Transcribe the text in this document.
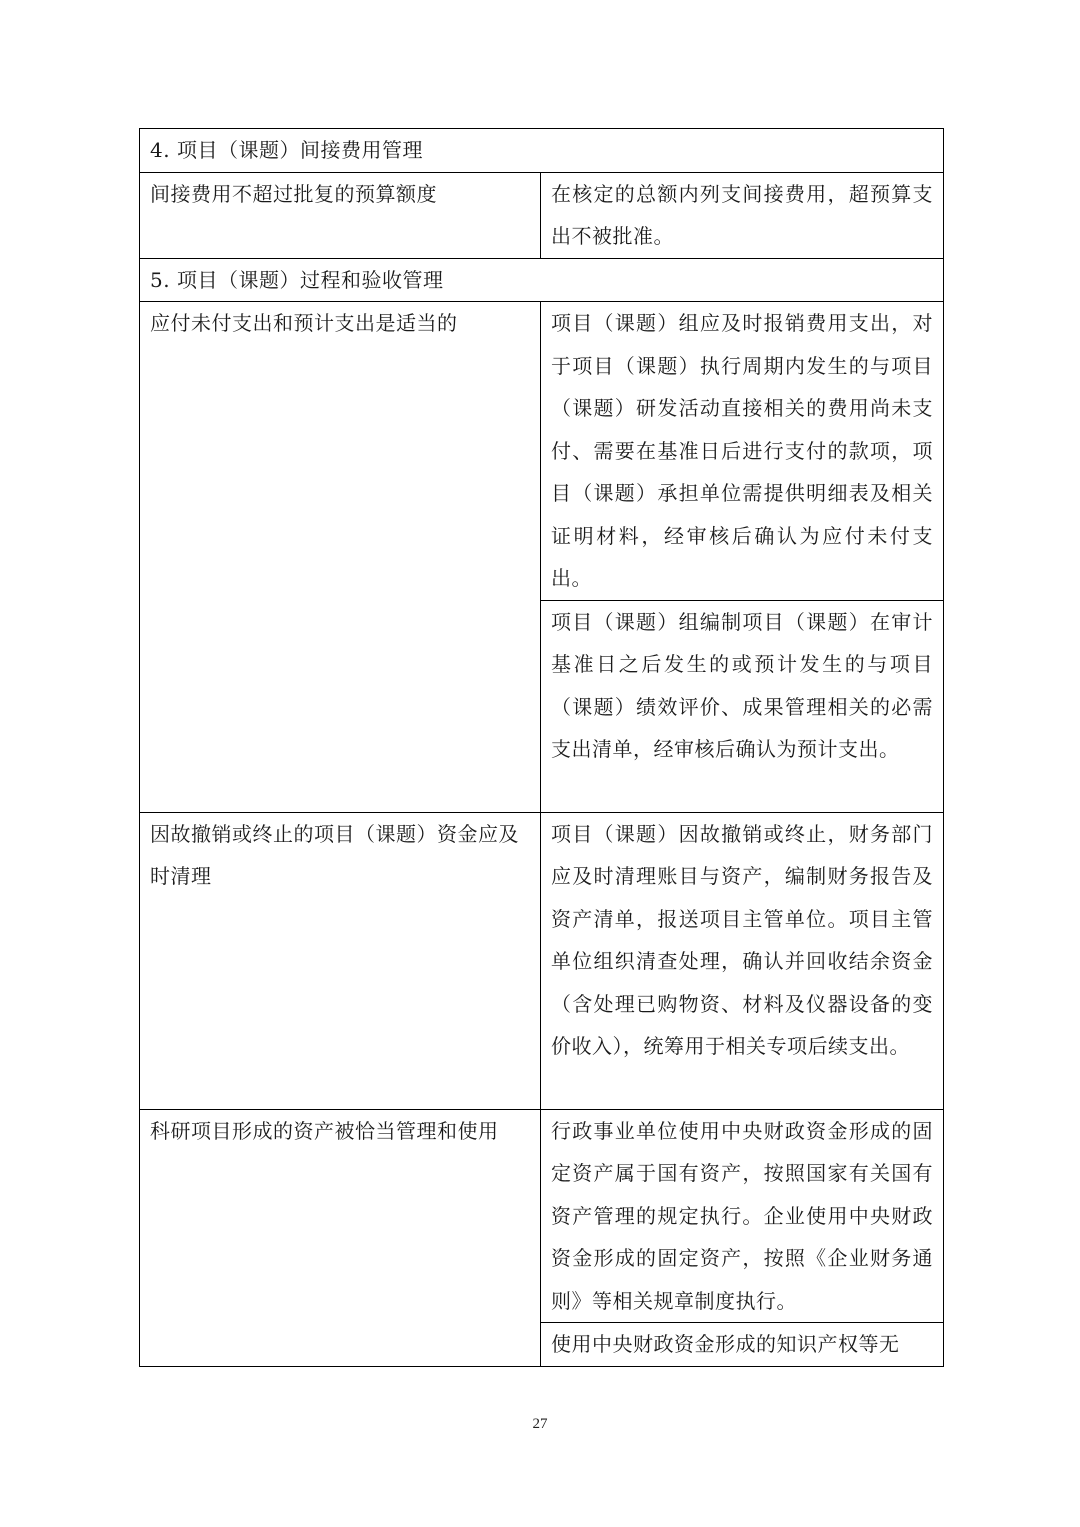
4. 项目（课题）间接费用管理	
间接费用不超过批复的预算额度	在核定的总额内列支间接费用，超预算支出不被批准。
5. 项目（课题）过程和验收管理	
应付未付支出和预计支出是适当的	项目（课题）组应及时报销费用支出，对于项目（课题）执行周期内发生的与项目（课题）研发活动直接相关的费用尚未支付、需要在基准日后进行支付的款项，项目（课题）承担单位需提供明细表及相关证明材料，经审核后确认为应付未付支出。
	项目（课题）组编制项目（课题）在审计基准日之后发生的或预计发生的与项目（课题）绩效评价、成果管理相关的必需支出清单，经审核后确认为预计支出。
因故撤销或终止的项目（课题）资金应及时清理	项目（课题）因故撤销或终止，财务部门应及时清理账目与资产，编制财务报告及资产清单，报送项目主管单位。项目主管单位组织清查处理，确认并回收结余资金（含处理已购物资、材料及仪器设备的变价收入），统筹用于相关专项后续支出。
科研项目形成的资产被恰当管理和使用	行政事业单位使用中央财政资金形成的固定资产属于国有资产，按照国家有关国有资产管理的规定执行。企业使用中央财政资金形成的固定资产，按照《企业财务通则》等相关规章制度执行。
	使用中央财政资金形成的知识产权等无
27
